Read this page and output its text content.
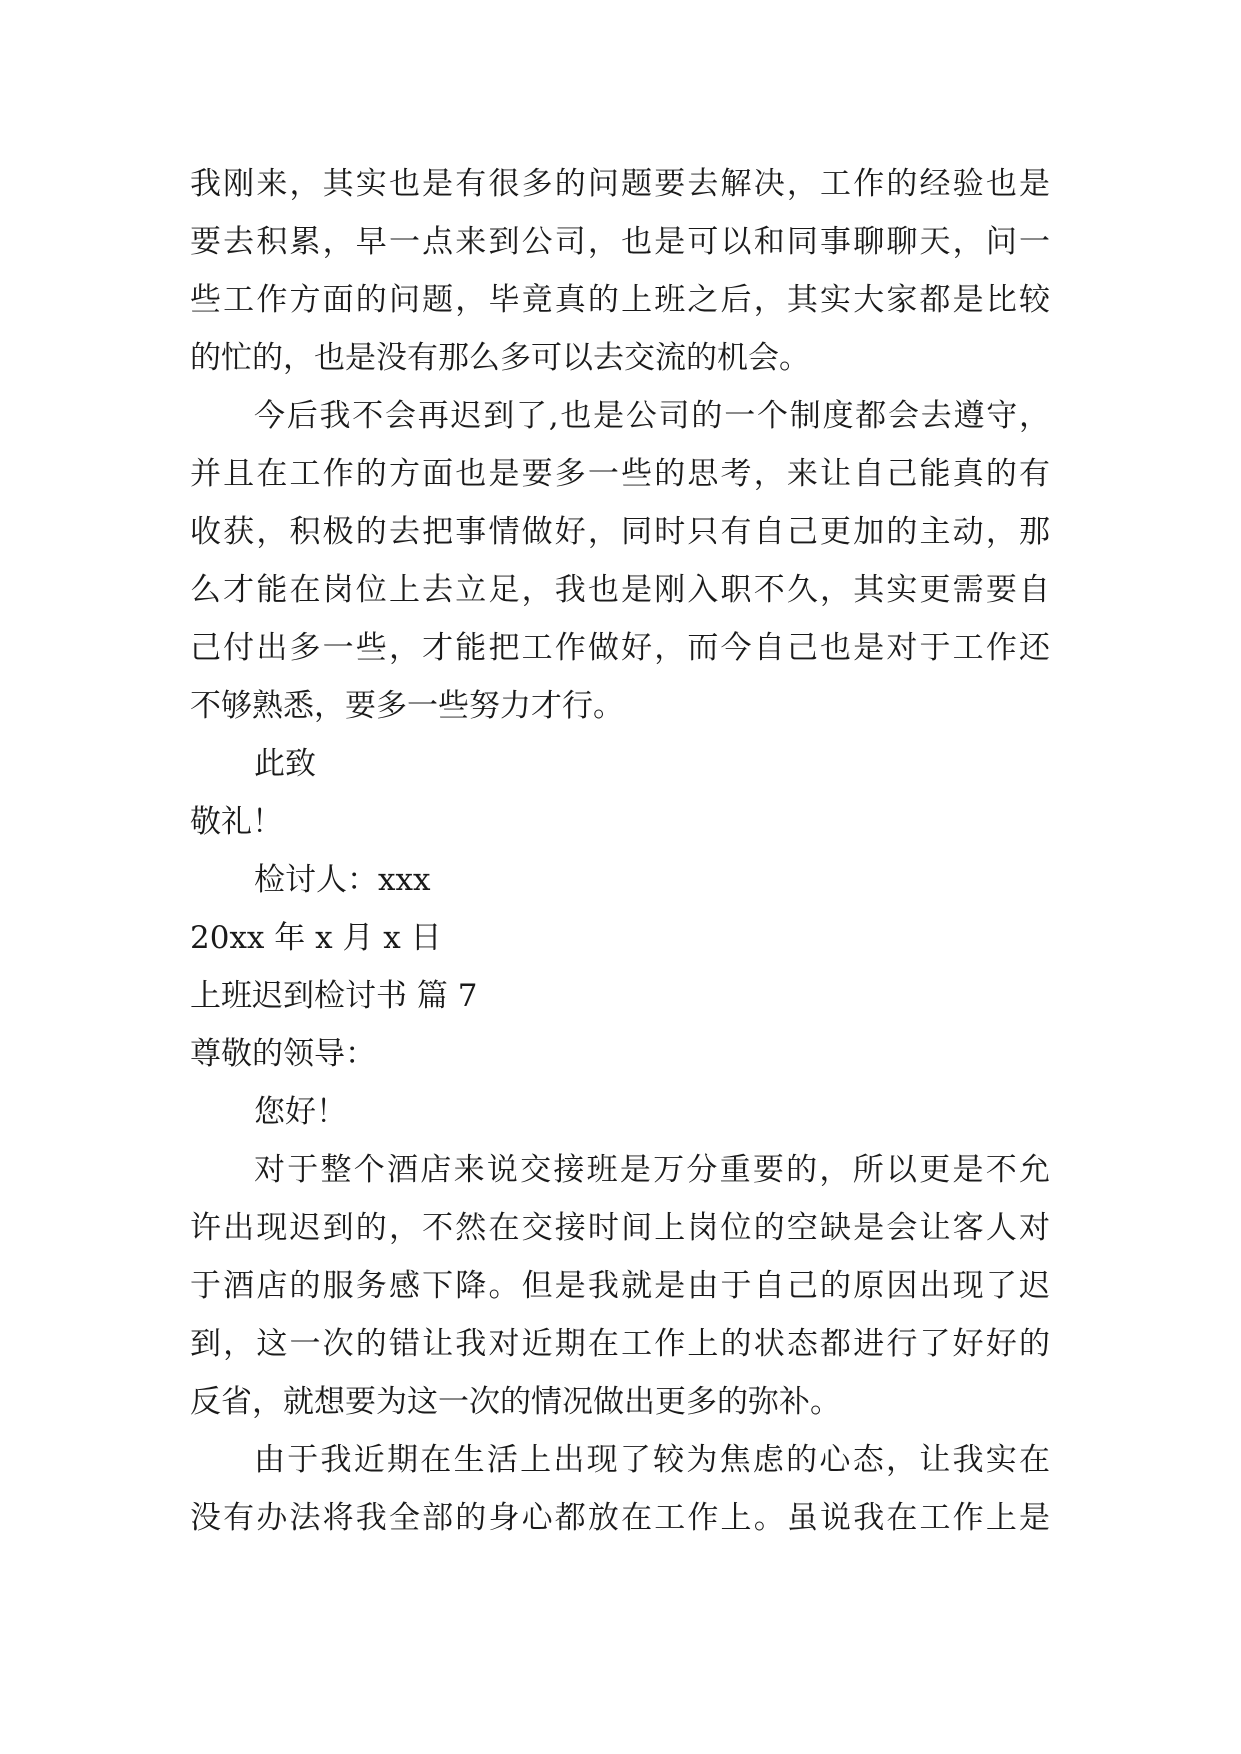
我刚来，其实也是有很多的问题要去解决，工作的经验也是
要去积累，早一点来到公司，也是可以和同事聊聊天，问一
些工作方面的问题，毕竟真的上班之后，其实大家都是比较
的忙的，也是没有那么多可以去交流的机会。
今后我不会再迟到了,也是公司的一个制度都会去遵守，
并且在工作的方面也是要多一些的思考，来让自己能真的有
收获，积极的去把事情做好，同时只有自己更加的主动，那
么才能在岗位上去立足，我也是刚入职不久，其实更需要自
己付出多一些，才能把工作做好，而今自己也是对于工作还
不够熟悉，要多一些努力才行。
此致
敬礼！
检讨人：xxx
20xx 年 x 月 x 日
上班迟到检讨书 篇 7
尊敬的领导：
您好！
对于整个酒店来说交接班是万分重要的，所以更是不允
许出现迟到的，不然在交接时间上岗位的空缺是会让客人对
于酒店的服务感下降。但是我就是由于自己的原因出现了迟
到，这一次的错让我对近期在工作上的状态都进行了好好的
反省，就想要为这一次的情况做出更多的弥补。
由于我近期在生活上出现了较为焦虑的心态，让我实在
没有办法将我全部的身心都放在工作上。虽说我在工作上是
